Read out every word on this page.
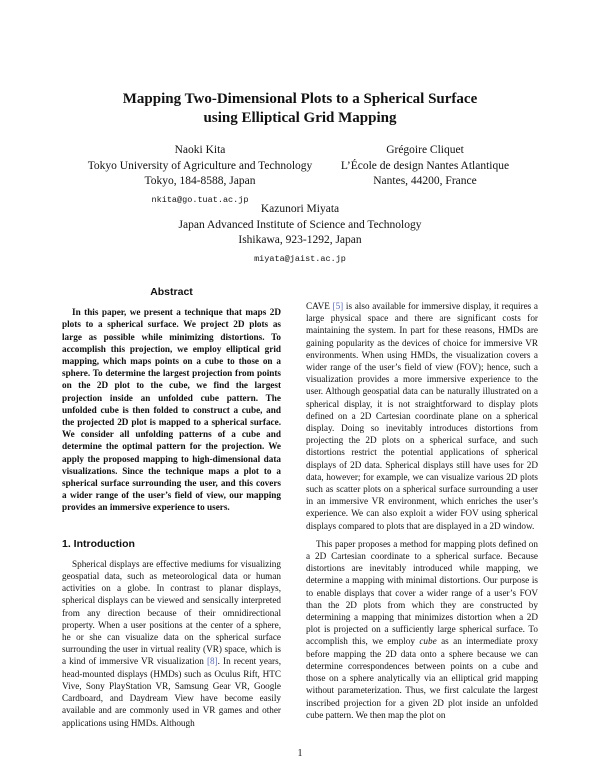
Mapping Two-Dimensional Plots to a Spherical Surface
using Elliptical Grid Mapping
Naoki Kita
Tokyo University of Agriculture and Technology
Tokyo, 184-8588, Japan
nkita@go.tuat.ac.jp
Grégoire Cliquet
L’École de design Nantes Atlantique
Nantes, 44200, France
Kazunori Miyata
Japan Advanced Institute of Science and Technology
Ishikawa, 923-1292, Japan
miyata@jaist.ac.jp
Abstract

In this paper, we present a technique that maps 2D plots to a spherical surface. We project 2D plots as large as possible while minimizing distortions. To accomplish this projection, we employ elliptical grid mapping, which maps points on a cube to those on a sphere. To determine the largest projection from points on the 2D plot to the cube, we find the largest projection inside an unfolded cube pattern. The unfolded cube is then folded to construct a cube, and the projected 2D plot is mapped to a spherical surface. We consider all unfolding patterns of a cube and determine the optimal pattern for the projection. We apply the proposed mapping to high-dimensional data visualizations. Since the technique maps a plot to a spherical surface surrounding the user, and this covers a wider range of the user’s field of view, our mapping provides an immersive experience to users.

1. Introduction

Spherical displays are effective mediums for visualizing geospatial data, such as meteorological data or human activities on a globe. In contrast to planar displays, spherical displays can be viewed and sensically interpreted from any direction because of their omnidirectional property. When a user positions at the center of a sphere, he or she can visualize data on the spherical surface surrounding the user in virtual reality (VR) space, which is a kind of immersive VR visualization [8]. In recent years, head-mounted displays (HMDs) such as Oculus Rift, HTC Vive, Sony PlayStation VR, Samsung Gear VR, Google Cardboard, and Daydream View have become easily available and are commonly used in VR games and other applications using HMDs. Although

CAVE [5] is also available for immersive display, it requires a large physical space and there are significant costs for maintaining the system. In part for these reasons, HMDs are gaining popularity as the devices of choice for immersive VR environments. When using HMDs, the visualization covers a wider range of the user’s field of view (FOV); hence, such a visualization provides a more immersive experience to the user. Although geospatial data can be naturally illustrated on a spherical display, it is not straightforward to display plots defined on a 2D Cartesian coordinate plane on a spherical display. Doing so inevitably introduces distortions from projecting the 2D plots on a spherical surface, and such distortions restrict the potential applications of spherical displays of 2D data. Spherical displays still have uses for 2D data, however; for example, we can visualize various 2D plots such as scatter plots on a spherical surface surrounding a user in an immersive VR environment, which enriches the user’s experience. We can also exploit a wider FOV using spherical displays compared to plots that are displayed in a 2D window.

This paper proposes a method for mapping plots defined on a 2D Cartesian coordinate to a spherical surface. Because distortions are inevitably introduced while mapping, we determine a mapping with minimal distortions. Our purpose is to enable displays that cover a wider range of a user’s FOV than the 2D plots from which they are constructed by determining a mapping that minimizes distortion when a 2D plot is projected on a sufficiently large spherical surface. To accomplish this, we employ cube as an intermediate proxy before mapping the 2D data onto a sphere because we can determine correspondences between points on a cube and those on a sphere analytically via an elliptical grid mapping without parameterization. Thus, we first calculate the largest inscribed projection for a given 2D plot inside an unfolded cube pattern. We then map the plot on

1
